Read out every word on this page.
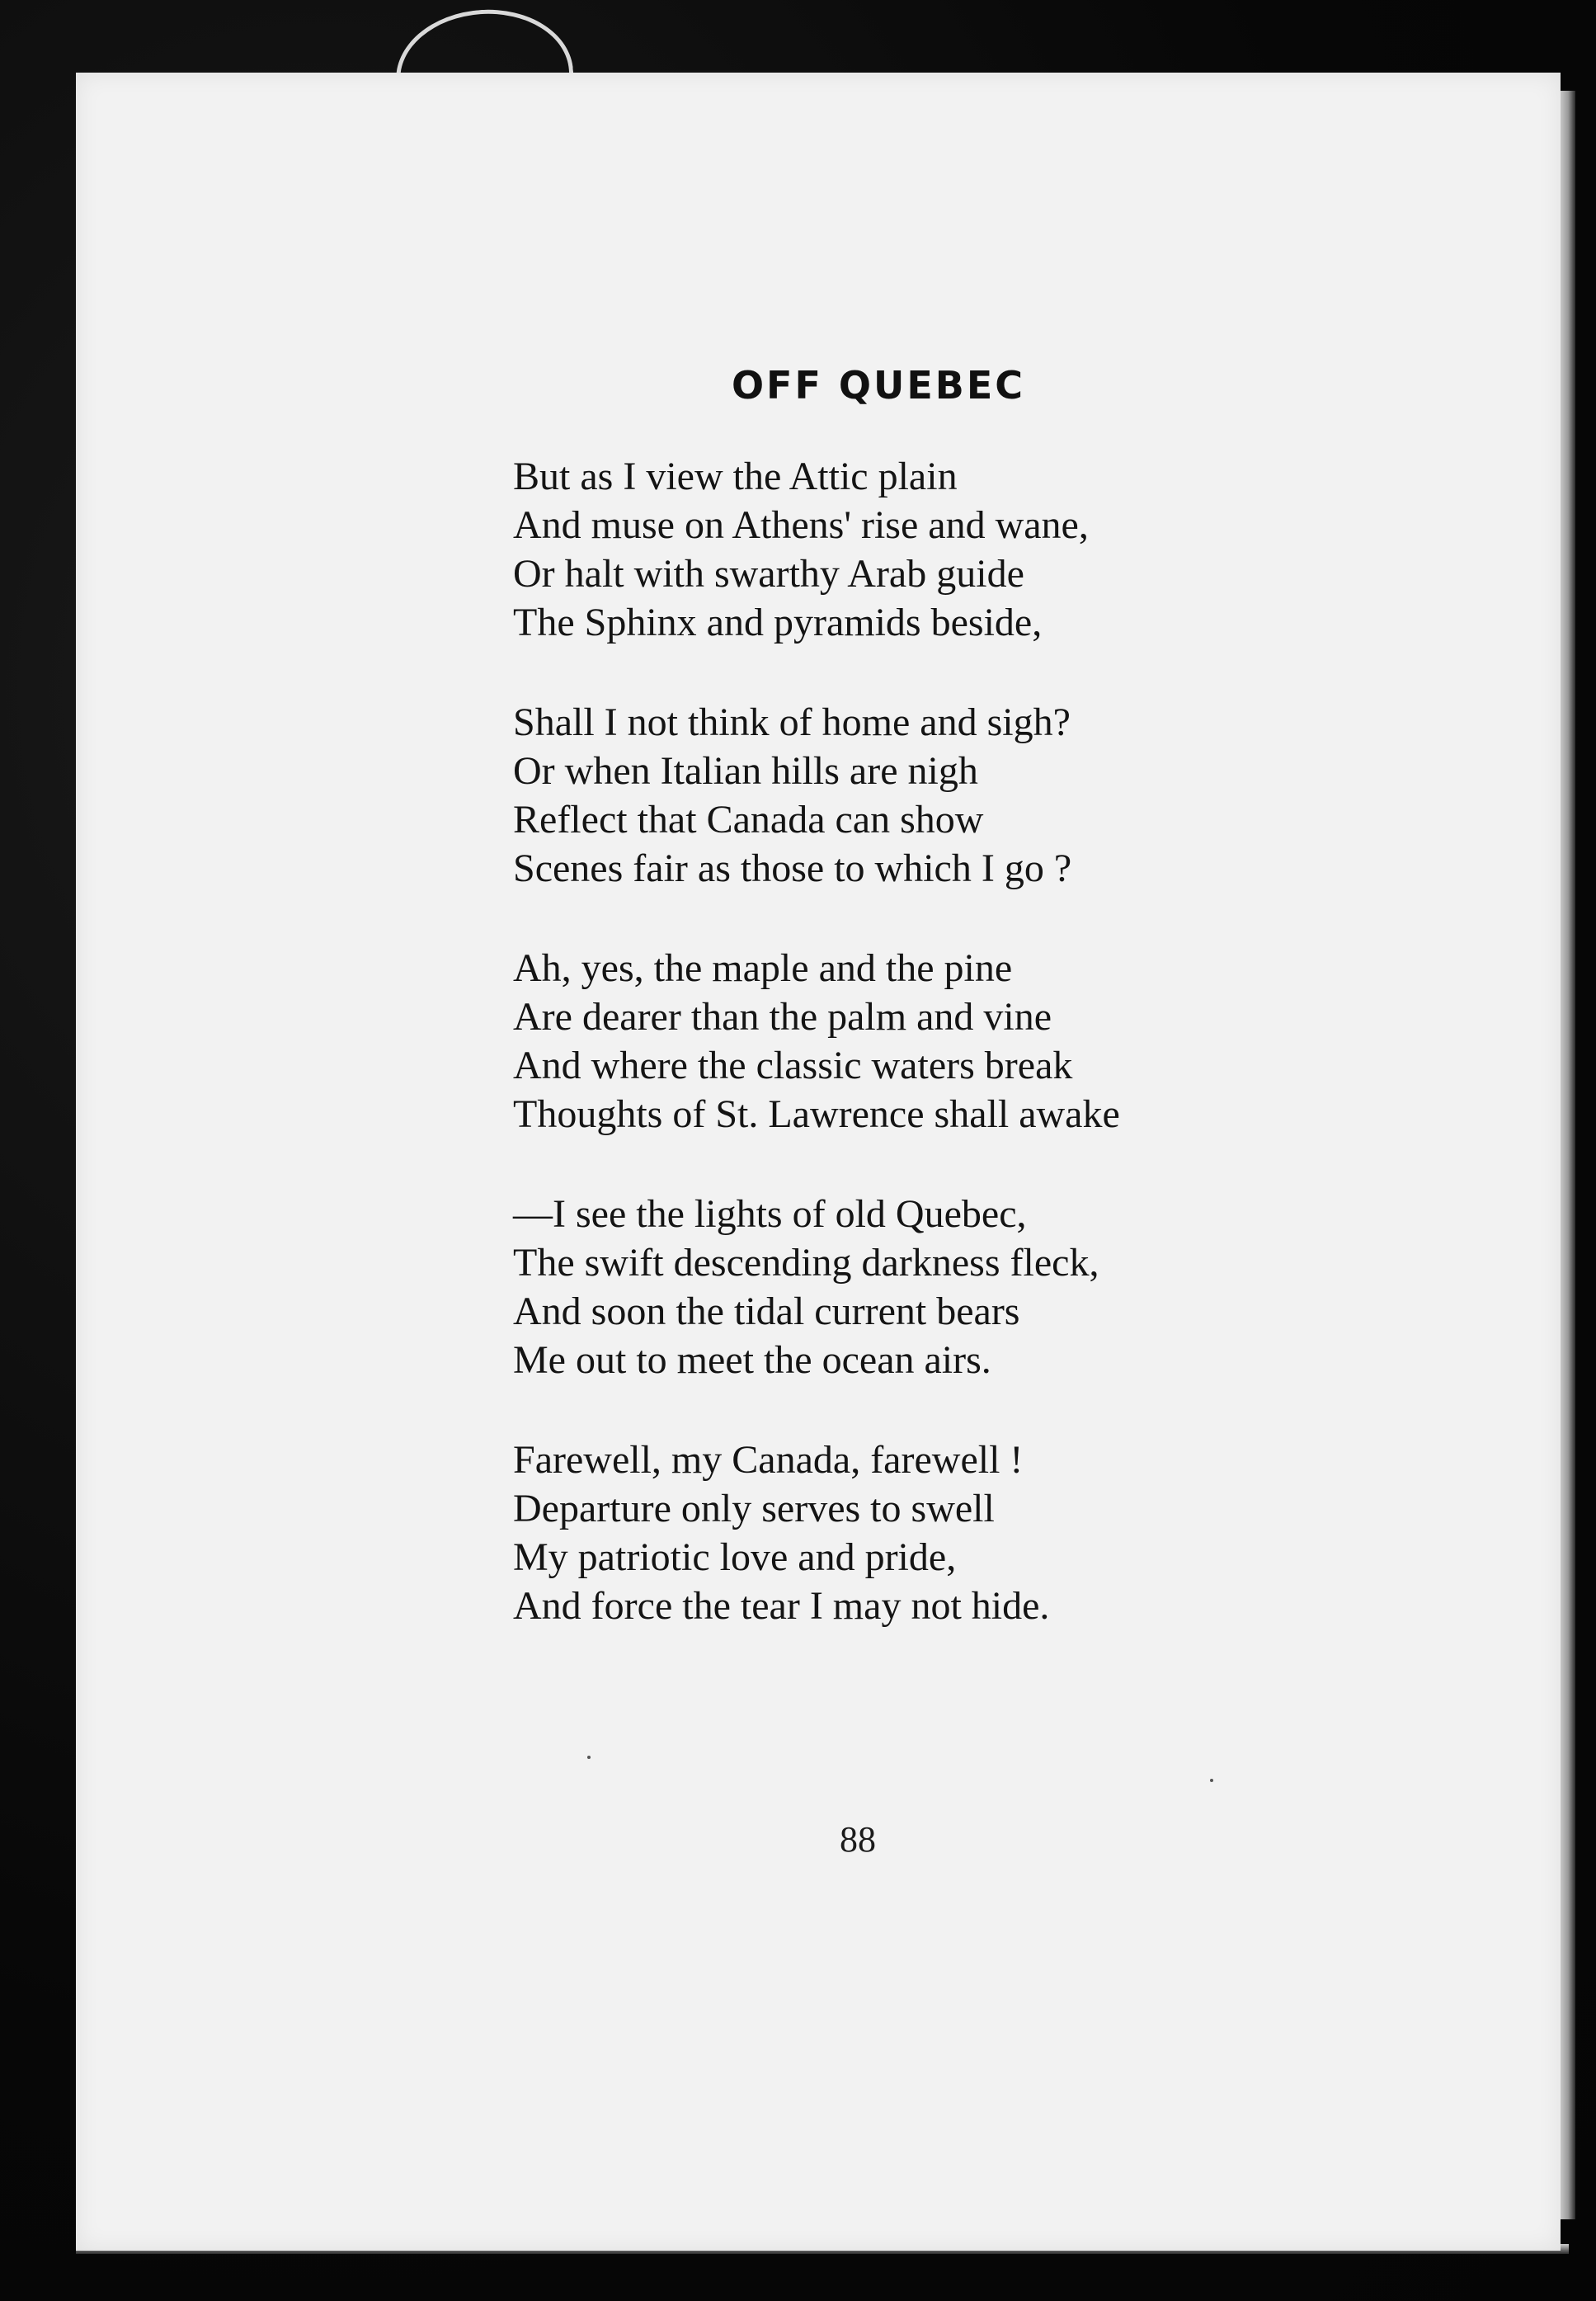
OFF QUEBEC
But as I view the Attic plain
And muse on Athens' rise and wane,
Or halt with swarthy Arab guide
The Sphinx and pyramids beside,
Shall I not think of home and sigh?
Or when Italian hills are nigh
Reflect that Canada can show
Scenes fair as those to which I go ?
Ah, yes, the maple and the pine
Are dearer than the palm and vine
And where the classic waters break
Thoughts of St. Lawrence shall awake
—I see the lights of old Quebec,
The swift descending darkness fleck,
And soon the tidal current bears
Me out to meet the ocean airs.
Farewell, my Canada, farewell !
Departure only serves to swell
My patriotic love and pride,
And force the tear I may not hide.
88
